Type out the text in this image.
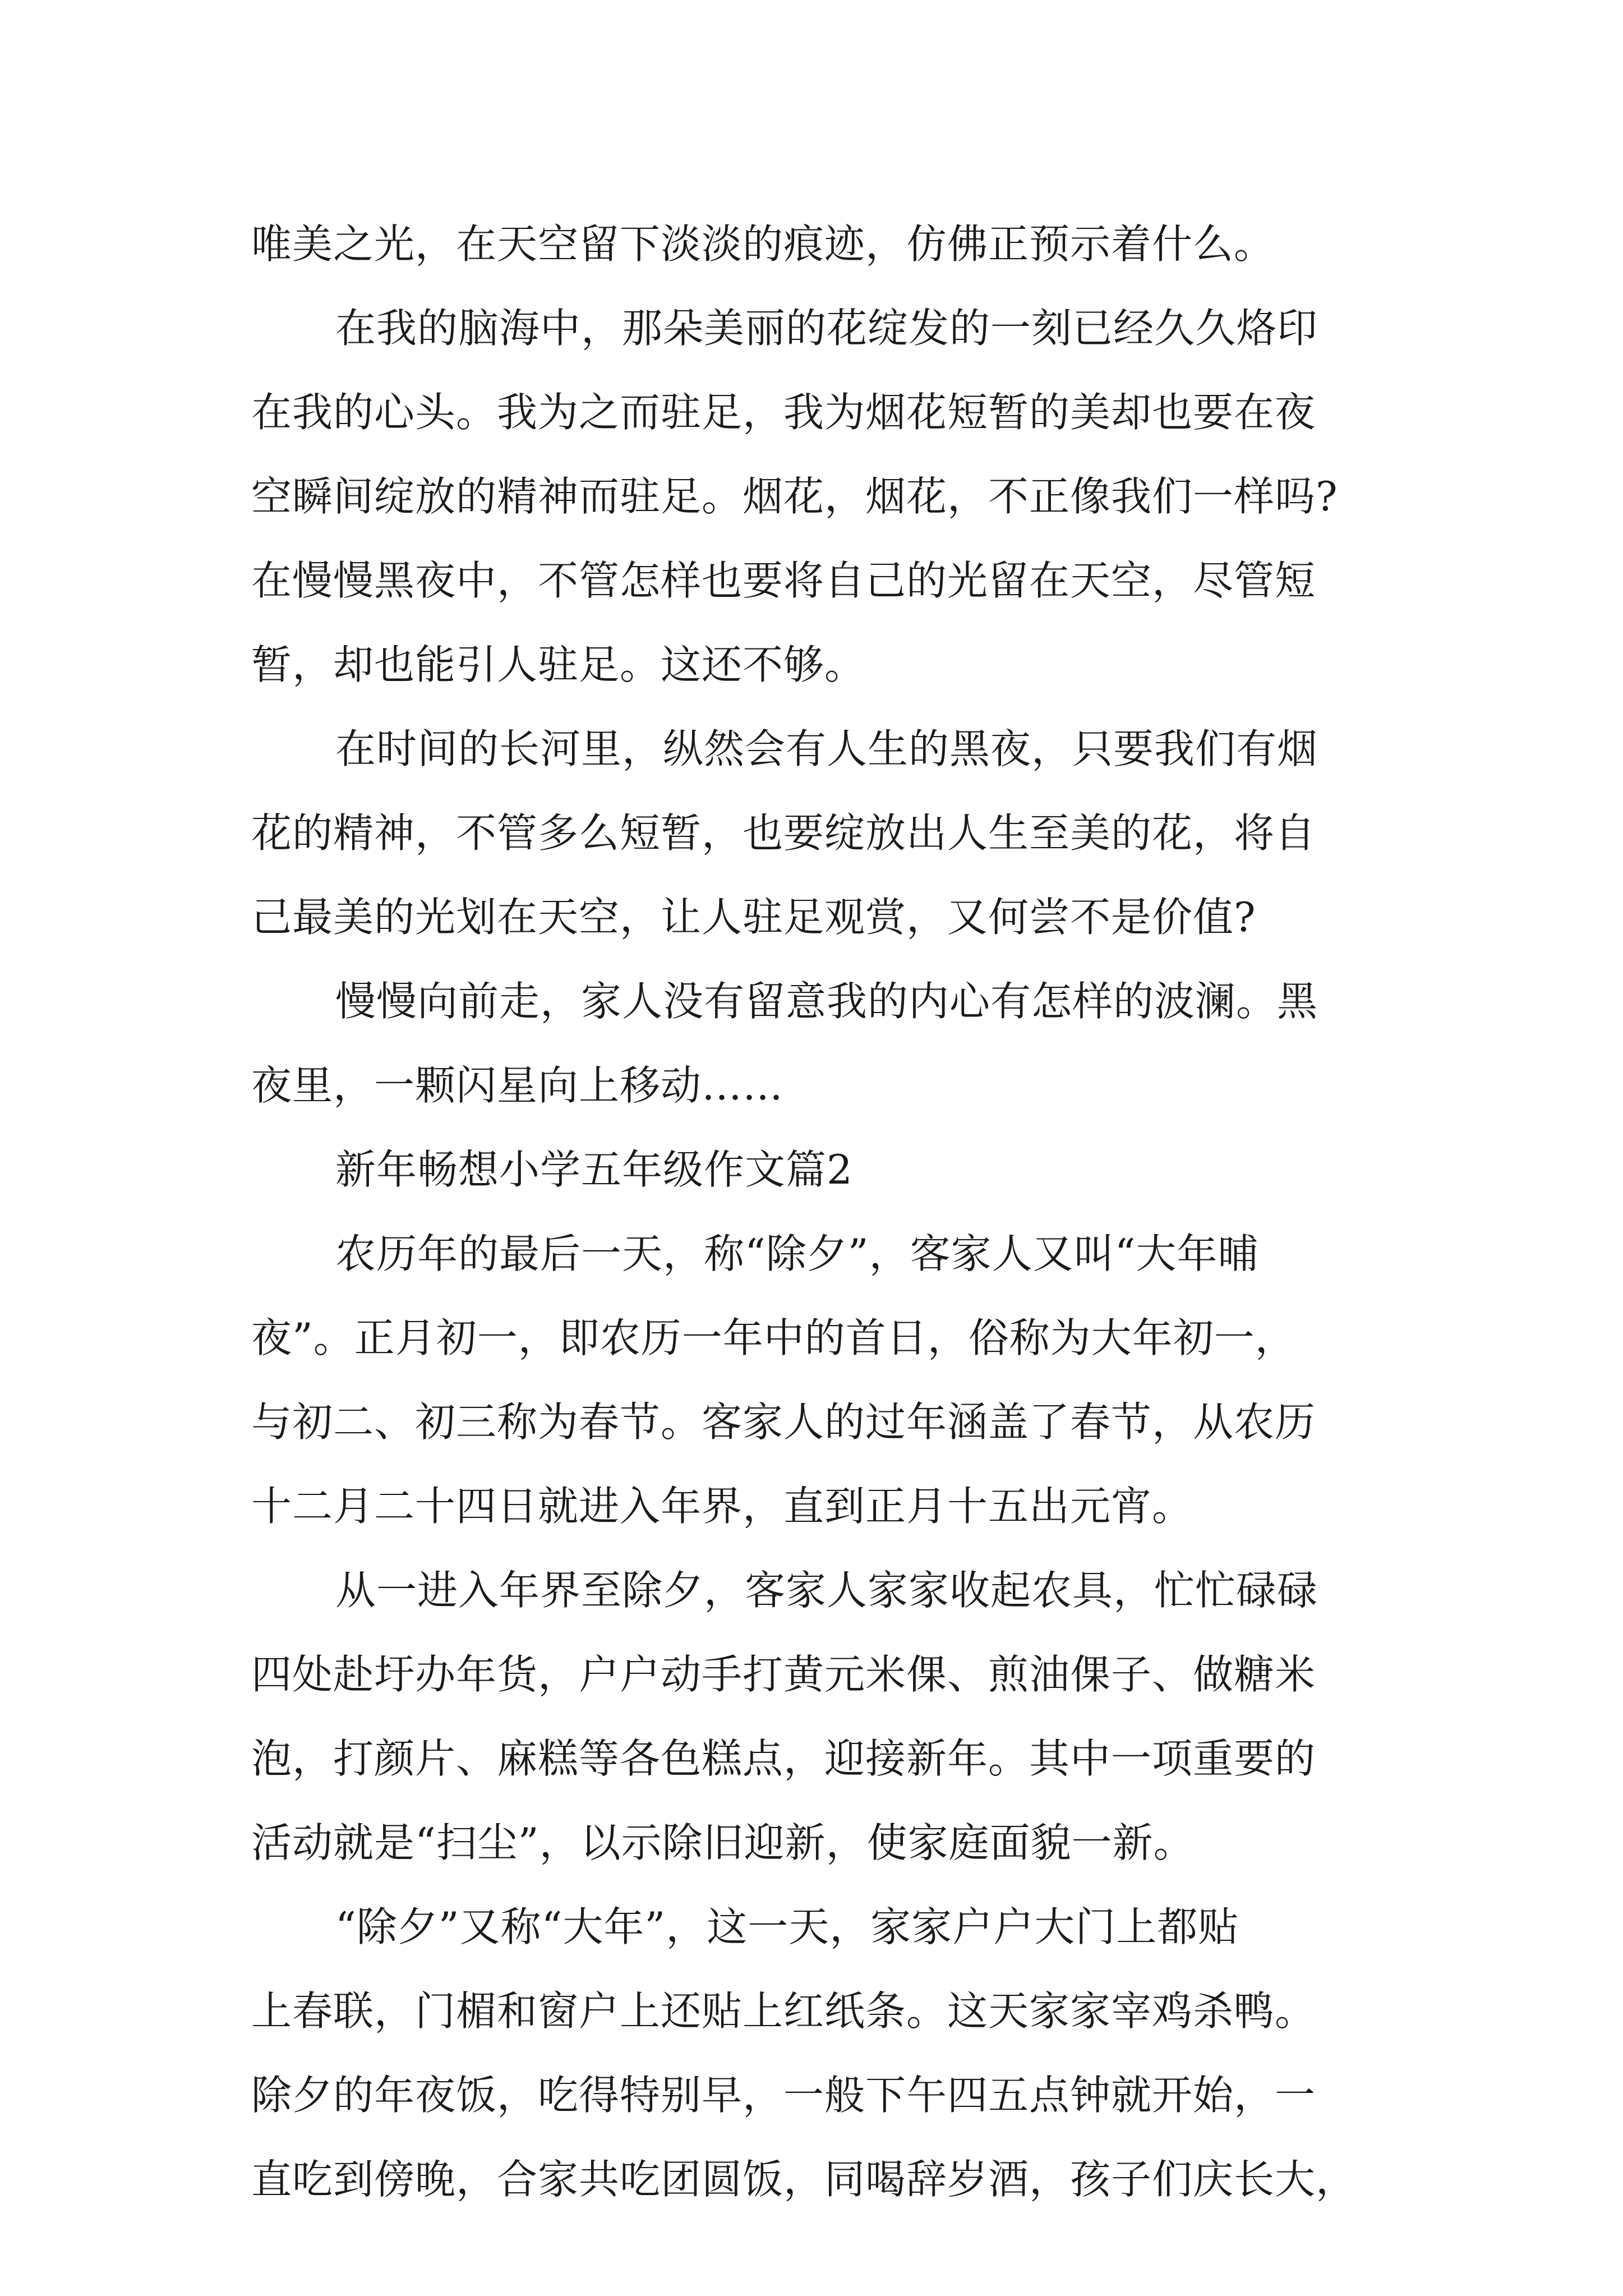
唯美之光，在天空留下淡淡的痕迹，仿佛正预示着什么。
在我的脑海中，那朵美丽的花绽发的一刻已经久久烙印
在我的心头。我为之而驻足，我为烟花短暂的美却也要在夜
空瞬间绽放的精神而驻足。烟花，烟花，不正像我们一样吗?
在慢慢黑夜中，不管怎样也要将自己的光留在天空，尽管短
暂，却也能引人驻足。这还不够。
在时间的长河里，纵然会有人生的黑夜，只要我们有烟
花的精神，不管多么短暂，也要绽放出人生至美的花，将自
己最美的光划在天空，让人驻足观赏，又何尝不是价值?
慢慢向前走，家人没有留意我的内心有怎样的波澜。黑
夜里，一颗闪星向上移动……
新年畅想小学五年级作文篇2
农历年的最后一天，称“除夕”，客家人又叫“大年晡
夜”。正月初一，即农历一年中的首日，俗称为大年初一，
与初二、初三称为春节。客家人的过年涵盖了春节，从农历
十二月二十四日就进入年界，直到正月十五出元宵。
从一进入年界至除夕，客家人家家收起农具，忙忙碌碌
四处赴圩办年货，户户动手打黄元米倮、煎油倮子、做糖米
泡，打颜片、麻糕等各色糕点，迎接新年。其中一项重要的
活动就是“扫尘”，以示除旧迎新，使家庭面貌一新。
“除夕”又称“大年”，这一天，家家户户大门上都贴
上春联，门楣和窗户上还贴上红纸条。这天家家宰鸡杀鸭。
除夕的年夜饭，吃得特别早，一般下午四五点钟就开始，一
直吃到傍晚，合家共吃团圆饭，同喝辞岁酒，孩子们庆长大，
